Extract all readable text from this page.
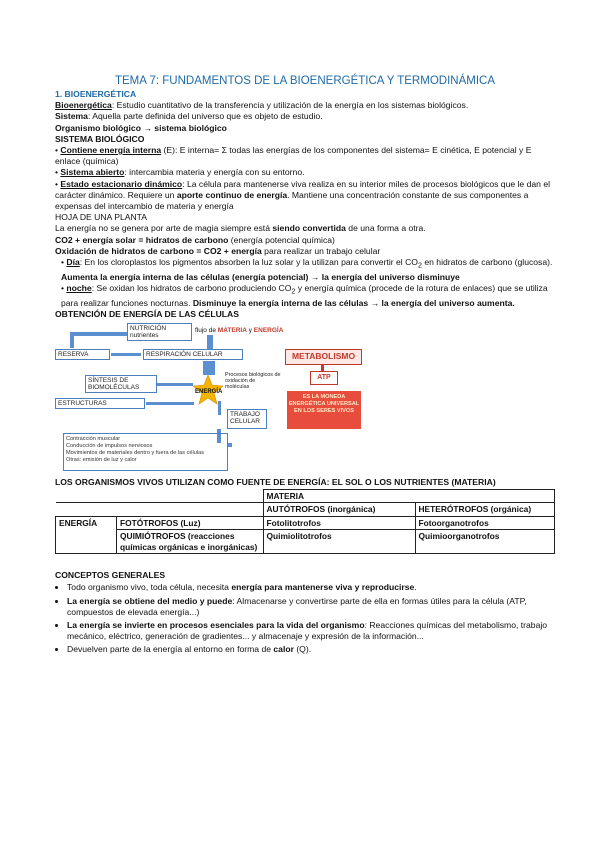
TEMA 7: FUNDAMENTOS DE LA BIOENERGÉTICA Y TERMODINÁMICA
1. BIOENERGÉTICA

Bioenergética: Estudio cuantitativo de la transferencia y utilización de la energía en los sistemas biológicos.

Sistema: Aquella parte definida del universo que es objeto de estudio.

Organismo biológico → sistema biológico

SISTEMA BIOLÓGICO

• Contiene energía interna (E): E interna= Σ todas las energías de los componentes del sistema= E cinética, E potencial y E enlace (química)

• Sistema abierto: intercambia materia y energía con su entorno.

• Estado estacionario dinámico: La célula para mantenerse viva realiza en su interior miles de procesos biológicos que le dan el carácter dinámico. Requiere un aporte continuo de energía. Mantiene una concentración constante de sus componentes a expensas del intercambio de materia y energía

HOJA DE UNA PLANTA

La energía no se genera por arte de magia siempre está siendo convertida de una forma a otra.

CO2 + energía solar = hidratos de carbono (energía potencial química)

Oxidación de hidratos de carbono = CO2 + energía para realizar un trabajo celular

• Día: En los cloroplastos los pigmentos absorben la luz solar y la utilizan para convertir el $CO_2$ en hidratos de carbono (glucosa). Aumenta la energía interna de las células (energía potencial) → la energía del universo disminuye

• noche: Se oxidan los hidratos de carbono produciendo $CO_2$ y energía química (procede de la rotura de enlaces) que se utiliza para realizar funciones nocturnas. Disminuye la energía interna de las células → la energía del universo aumenta.

OBTENCIÓN DE ENERGÍA DE LAS CÉLULAS

NUTRICIÓN
nutrientes
flujo de MATERIA y ENERGÍA
RESERVA	RESPIRACIÓN CELULAR
SÍNTESIS DE BIOMOLÉCULAS
Procesos biológicos de oxidación de moléculas
ENERGÍA
ESTRUCTURAS
TRABAJO CELULAR
METABOLISMO
ATP
ES LA MONEDA ENERGÉTICA UNIVERSAL EN LOS SERES VIVOS
Contracción muscular
Conducción de impulsos nerviosos
Movimientos de materiales dentro y fuera de las células
Otras: emisión de luz y calor

LOS ORGANISMOS VIVOS UTILIZAN COMO FUENTE DE ENERGÍA: EL SOL O LOS NUTRIENTES (MATERIA)

		MATERIA	
		AUTÓTROFOS (inorgánica)	HETERÓTROFOS (orgánica)
ENERGÍA	FOTÓTROFOS (Luz)	Fotolitotrofos	Fotoorganotrofos
	QUIMIÓTROFOS (reacciones químicas orgánicas e inorgánicas)	Quimiolitotrofos	Quimioorganotrofos

CONCEPTOS GENERALES

• Todo organismo vivo, toda célula, necesita energía para mantenerse viva y reproducirse.
• La energía se obtiene del medio y puede: Almacenarse y convertirse parte de ella en formas útiles para la célula (ATP, compuestos de elevada energía...)
• La energía se invierte en procesos esenciales para la vida del organismo: Reacciones químicas del metabolismo, trabajo mecánico, eléctrico, generación de gradientes... y almacenaje y expresión de la información...
• Devuelven parte de la energía al entorno en forma de calor (Q).
